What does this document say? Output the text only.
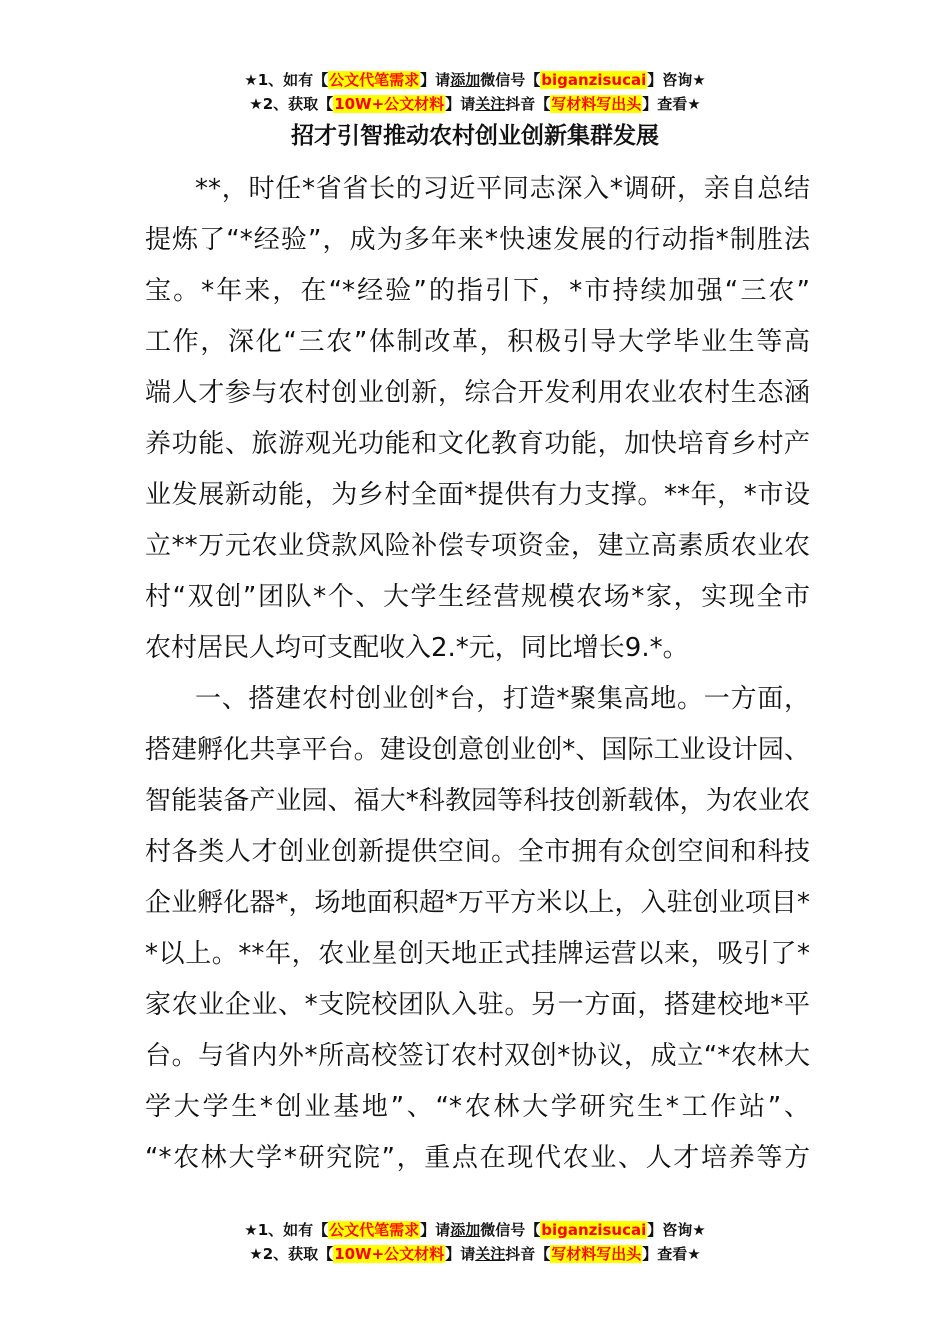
★1、如有【公文代笔需求】请添加微信号【biganzisucai】咨询★
★2、获取【10W+公文材料】请关注抖音【写材料写出头】查看★
招才引智推动农村创业创新集群发展
**，时任*省省长的习近平同志深入*调研，亲自总结
提炼了“*经验”，成为多年来*快速发展的行动指*制胜法
宝。*年来，在“*经验”的指引下，*市持续加强“三农”
工作，深化“三农”体制改革，积极引导大学毕业生等高
端人才参与农村创业创新，综合开发利用农业农村生态涵
养功能、旅游观光功能和文化教育功能，加快培育乡村产
业发展新动能，为乡村全面*提供有力支撑。**年，*市设
立**万元农业贷款风险补偿专项资金，建立高素质农业农
村“双创”团队*个、大学生经营规模农场*家，实现全市
农村居民人均可支配收入2.*元，同比增长9.*。
一、搭建农村创业创*台，打造*聚集高地。一方面，
搭建孵化共享平台。建设创意创业创*、国际工业设计园、
智能装备产业园、福大*科教园等科技创新载体，为农业农
村各类人才创业创新提供空间。全市拥有众创空间和科技
企业孵化器*，场地面积超*万平方米以上，入驻创业项目*
*以上。**年，农业星创天地正式挂牌运营以来，吸引了*
家农业企业、*支院校团队入驻。另一方面，搭建校地*平
台。与省内外*所高校签订农村双创*协议，成立“*农林大
学大学生*创业基地”、“*农林大学研究生*工作站”、
“*农林大学*研究院”，重点在现代农业、人才培养等方
★1、如有【公文代笔需求】请添加微信号【biganzisucai】咨询★
★2、获取【10W+公文材料】请关注抖音【写材料写出头】查看★
